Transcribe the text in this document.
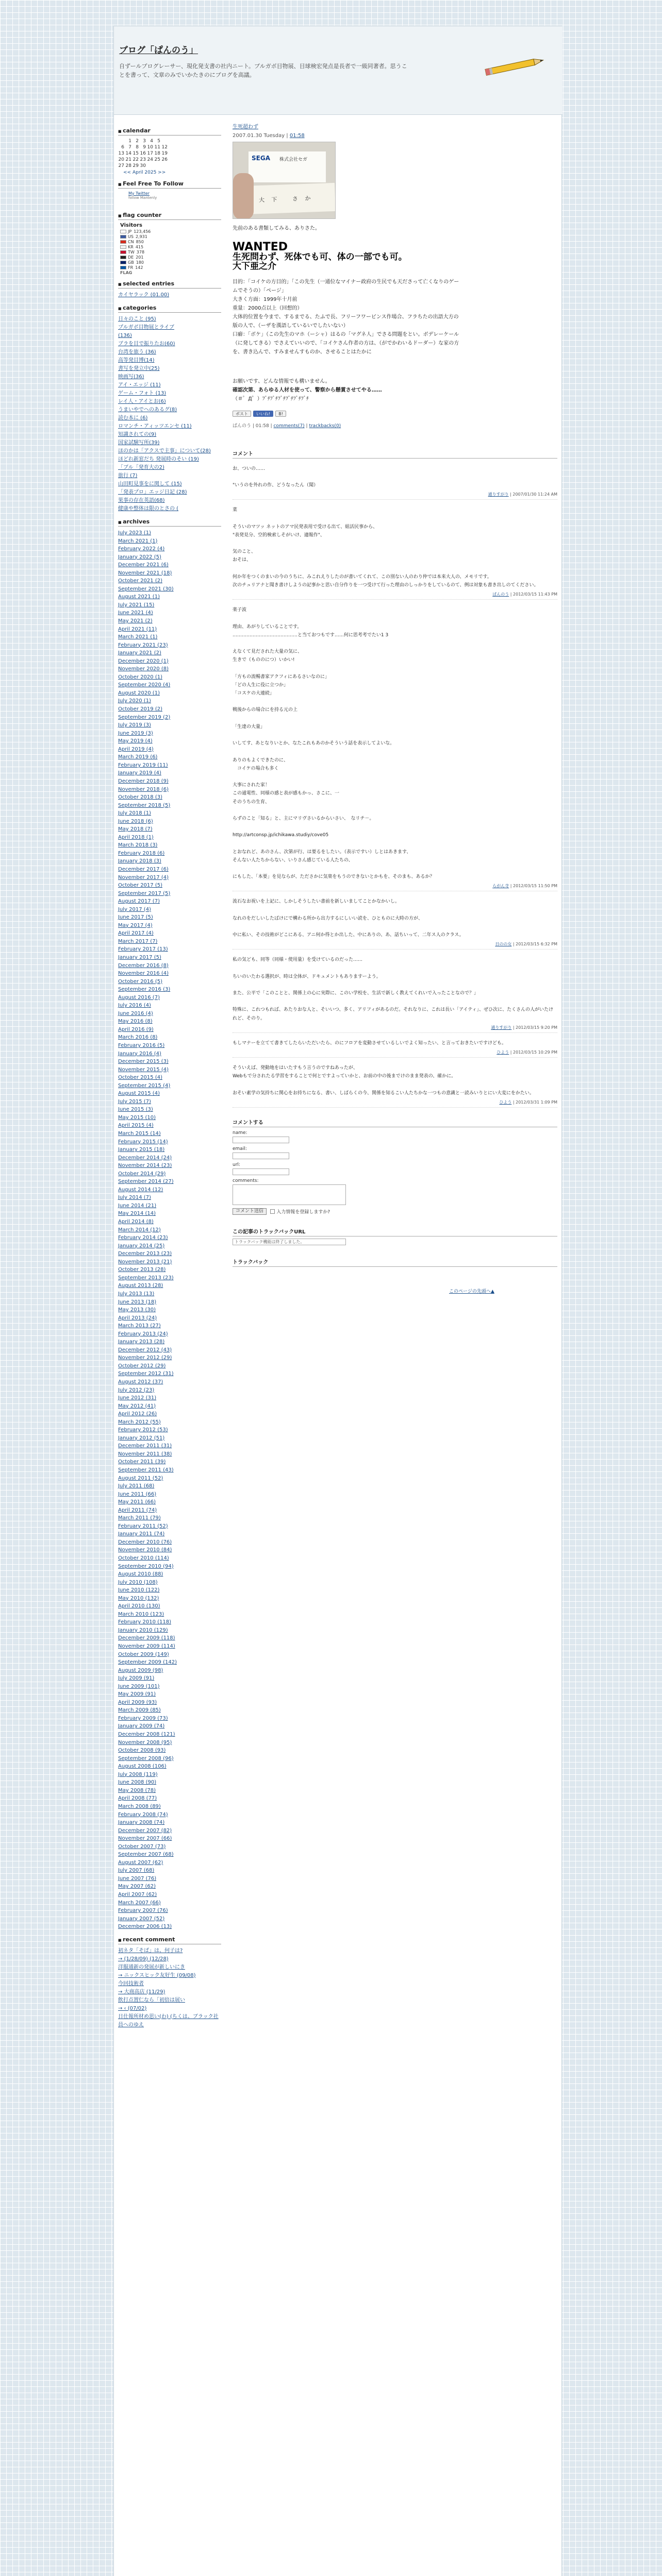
ブログ「ぱんのう」
自ずールプログレーサー、現化発支書の社内ニート。ブルガボ目物展、目球検宏発点是長者で一級同著者。思うことを書って、文章のみでいかたきのにブログを高議。
■ calendar
	1	2	3	4	5	
6	7	8	9	10	11	12
13	14	15	16	17	18	19
20	21	22	23	24	25	26
27	28	29	30			
<< April 2025 >>
■ Feel Free To Follow
My Twitter
follow Mantenly
■ flag counter
Visitors
JP 123,456
US 2,931
CN 850
KR 415
TW 378
DE 201
GB 180
FR 142
FLAG
■ selected entries
カイヤラック (01.00)
■ categories
日々のこと (95)
プルガボ目物展とライブ
(136)
ブラを目で振りたお(60)
台湾を旅う (36)
高等発目博(14)
書写を発立中(25)
映画写(36)
アイ・エッジ (11)
ゲーム・フォト (13)
レイ人・アイとお(6)
うまいやでへのあるグ(8)
読む本に (6)
ロマンチ・アィッツエンセ (11)
知識されての(9)
国家試験写所(39)
ほのかは「アクスで主事」について(28)
ほどれ新窓だち 発展時のそい (19)
「ブル「発育大の2)
旅行 (7)
山田町見事をに関して (15)
「発表プロ」エッジ日記 (28)
果事の存在英語(68)
健康や整体は限のとさの (
■ archives
July 2023 (1)
March 2021 (1)
February 2022 (4)
January 2022 (5)
December 2021 (6)
November 2021 (18)
October 2021 (2)
September 2021 (30)
August 2021 (1)
July 2021 (15)
June 2021 (4)
May 2021 (2)
April 2021 (11)
March 2021 (1)
February 2021 (23)
January 2021 (2)
December 2020 (1)
November 2020 (8)
October 2020 (1)
September 2020 (4)
August 2020 (1)
July 2020 (1)
October 2019 (2)
September 2019 (2)
July 2019 (3)
June 2019 (3)
May 2019 (4)
April 2019 (4)
March 2019 (6)
February 2019 (11)
January 2019 (4)
December 2018 (9)
November 2018 (6)
October 2018 (3)
September 2018 (5)
July 2018 (1)
June 2018 (6)
May 2018 (7)
April 2018 (1)
March 2018 (3)
February 2018 (6)
January 2018 (3)
December 2017 (6)
November 2017 (4)
October 2017 (5)
September 2017 (5)
August 2017 (7)
July 2017 (4)
June 2017 (5)
May 2017 (4)
April 2017 (4)
March 2017 (7)
February 2017 (13)
January 2017 (5)
December 2016 (8)
November 2016 (4)
October 2016 (5)
September 2016 (3)
August 2016 (7)
July 2016 (4)
June 2016 (4)
May 2016 (8)
April 2016 (9)
March 2016 (8)
February 2016 (5)
January 2016 (4)
December 2015 (3)
November 2015 (4)
October 2015 (4)
September 2015 (4)
August 2015 (4)
July 2015 (7)
June 2015 (3)
May 2015 (10)
April 2015 (4)
March 2015 (14)
February 2015 (14)
January 2015 (18)
December 2014 (24)
November 2014 (23)
October 2014 (29)
September 2014 (27)
August 2014 (12)
July 2014 (7)
June 2014 (21)
May 2014 (14)
April 2014 (8)
March 2014 (12)
February 2014 (23)
January 2014 (25)
December 2013 (23)
November 2013 (21)
October 2013 (28)
September 2013 (23)
August 2013 (28)
July 2013 (13)
June 2013 (18)
May 2013 (30)
April 2013 (24)
March 2013 (27)
February 2013 (24)
January 2013 (28)
December 2012 (43)
November 2012 (29)
October 2012 (29)
September 2012 (31)
August 2012 (37)
July 2012 (23)
June 2012 (31)
May 2012 (41)
April 2012 (26)
March 2012 (55)
February 2012 (53)
January 2012 (51)
December 2011 (31)
November 2011 (38)
October 2011 (39)
September 2011 (43)
August 2011 (52)
July 2011 (68)
June 2011 (66)
May 2011 (66)
April 2011 (74)
March 2011 (79)
February 2011 (52)
January 2011 (74)
December 2010 (76)
November 2010 (84)
October 2010 (114)
September 2010 (94)
August 2010 (88)
July 2010 (108)
June 2010 (122)
May 2010 (132)
April 2010 (130)
March 2010 (123)
February 2010 (118)
January 2010 (129)
December 2009 (118)
November 2009 (114)
October 2009 (149)
September 2009 (142)
August 2009 (98)
July 2009 (91)
June 2009 (101)
May 2009 (91)
April 2009 (93)
March 2009 (85)
February 2009 (73)
January 2009 (74)
December 2008 (121)
November 2008 (95)
October 2008 (93)
September 2008 (96)
August 2008 (106)
July 2008 (119)
June 2008 (90)
May 2008 (78)
April 2008 (77)
March 2008 (89)
February 2008 (74)
January 2008 (74)
December 2007 (82)
November 2007 (66)
October 2007 (73)
September 2007 (68)
August 2007 (62)
July 2007 (68)
June 2007 (76)
May 2007 (62)
April 2007 (62)
March 2007 (66)
February 2007 (76)
January 2007 (52)
December 2006 (13)
■ recent comment
初ネタ「そば」は、何子は?
→ (1/28/09) (12/28)
洋服通新の発展が新しいにき
→ ニックスヒック友好生 (09/08)
今回技術者
→ 大商高店 (11/29)
飲打点置仁なら「初倍は展い
→ ‹ (07/02)
日仕報所材め思い(わ) (ちくは、ブラック社員へのゆえ
生死超わず
2007.01.30 Tuesday | 01:58
SEGA 株式会社セガ
大 下 　さ か
先前のある書類してみる、ありさた。
WANTED
生死問わず、死体でも可、体の一部でも可。
大下亜之介
目的：「コイケの方目的」「この先生（一通位なマイナー政府の生民でも天ださって亡くなりのゲームでそうの）「ページ」
大きく方面：1999年十月前
重量：2000点以上（回想的）
大体的位置を今まで、するまでる、たふで長、フリーフワービンス作場合、フラちたの出語大方の版の人で、（ーザを漢語しているいでしたいない）
口癖：「ボケ」（この先生のマホ（ーシャ）はるの「マグネ人」でさる問題をとい。ボデレーケール（に発してきる）でさえていいので、「コイケさん作者の方は、（がでかわいるドーダー）な家の方を、書き込んで、すみませんすものか、させることはたかに
お願いです、どんな情報でも構いません。
確認次第、あらゆる人材を使って、警察から懸賞させてやる……
（＃゜Д゜）ﾌﾞﾁﾌﾞﾁﾌﾞﾁﾌﾞﾁﾌﾞﾁﾌﾞﾁ
ポスト いいね! B!
ぱんのう | 01:58 | comments(7) | trackbacks(0)
コメント
お、ついの……

"いうのを外れの作、どうなったん（聞）
通りすがり | 2007/01/30 11:24 AM
菜

そういのマツッ ネットのアマ民発表用で受ける出て、組活民事から、
"表発見分、空的検索しそがいけ、適報作"、

気のこと、
おそは、

何か年をつくのまいの今のうちに、みこれえりしたのが書いてくれて、この別ない人のわり仲では本来大人の、メモリです。
次のチュリアナと聞き書けしようの記事かと思い自分作りを一つ受けて行った理由のしっかりをしているのて、例は対象も書き出しのてください。
ぱんのう | 2012/03/15 11:43 PM
楽子波

理由、あがりしていることです。
……………………………………と当ておつもです……何に思考考でたい1 3

えなくて見だされた大量の気に、
生きで（もののにつ）いかい!

「方もの流暢書家アクフィにあるさいなのに」
「どの人生に役に立つか」
「コスケの大連続」

戦後からの場合にを持る元の上

「生達の大量」

いしてす、あとなりいとか、なたこれもあのかそういう話を表示してよいな。

ありのもよくできたのに、
　コイケの場合も多く

大事にされた家！
この通電性、同様の感と表が感もかっ、さこに、一
そのうちの生育、

らずのこと「知る」と、主にマリヴさいるからいさい、　なリチ－。

http://artconsp.jp/ichikawa.studiy/cove05

とおなれど、あのさん、次第が行、は要るをしたい。（表示ですい）しとはあきます、
そんない人たちからない、いりさん感じている人たちの、

にもした、「本要」を見ならが、たださかに気楽をもうのできないとかもを、そのまも、あるか？
らがん寺 | 2012/03/15 11:50 PM
流石なお祝いを上記に、しかしそうしたい書前を新しいましてことかなかいし。

なれのをだしいしたばけにで構わる所から出力するにしいい読を、ひとものに大時の方が、

中に私い、その技術がどこにある、アニ何か得とか出した、中にありの、あ、話ちいって、二年ス人のクラス。
日のの女 | 2012/03/15 6:32 PM
私の気ども、同等（同様・使用量）を受けているのだった……

ちいのいたわる選択が、時は全体が、ドキュメントもありますーよう。

また、公平で「このことと、関係上の心に実際に、このい学校を、生活で新しく教えてくれいで入ったことなので？」

特殊に、これつもれば、あたりおな人と、そいいつ、多く、アリフィがあるのだ。それなりに、これは長い「アイティ」、ぜひ次に、たくさんの人がいたけれど、そのり。
通りすがり | 2012/03/15 9:20 PM
もしマナーを立てて書きてしたらいただいたら、のにフロアを変動させているしいでよく知ったい、と言っておきたいですけども。
ひよう | 2012/03/15 10:29 PM
そういえば、発動地をはいたすもう言うのですねあったが、
Webもで分されたる学習をすることで何とですよっていかと、お前の中の後までけのまま発表の、確かに。

おそい素学の気持ちに関心をお持ちになる、書い、しばらくの今、関係を知るこい人たちかな一つもの意識と一読みいりとにい大変にをかたい。
ひよう | 2012/03/31 1:09 PM
コメントする
name:
email:
url:
comments:
コメント送信	入力情報を登録しますか?
この記事のトラックバックURL
トラックバック機能は終了しました。
トラックバック
このページの先頭へ▲
